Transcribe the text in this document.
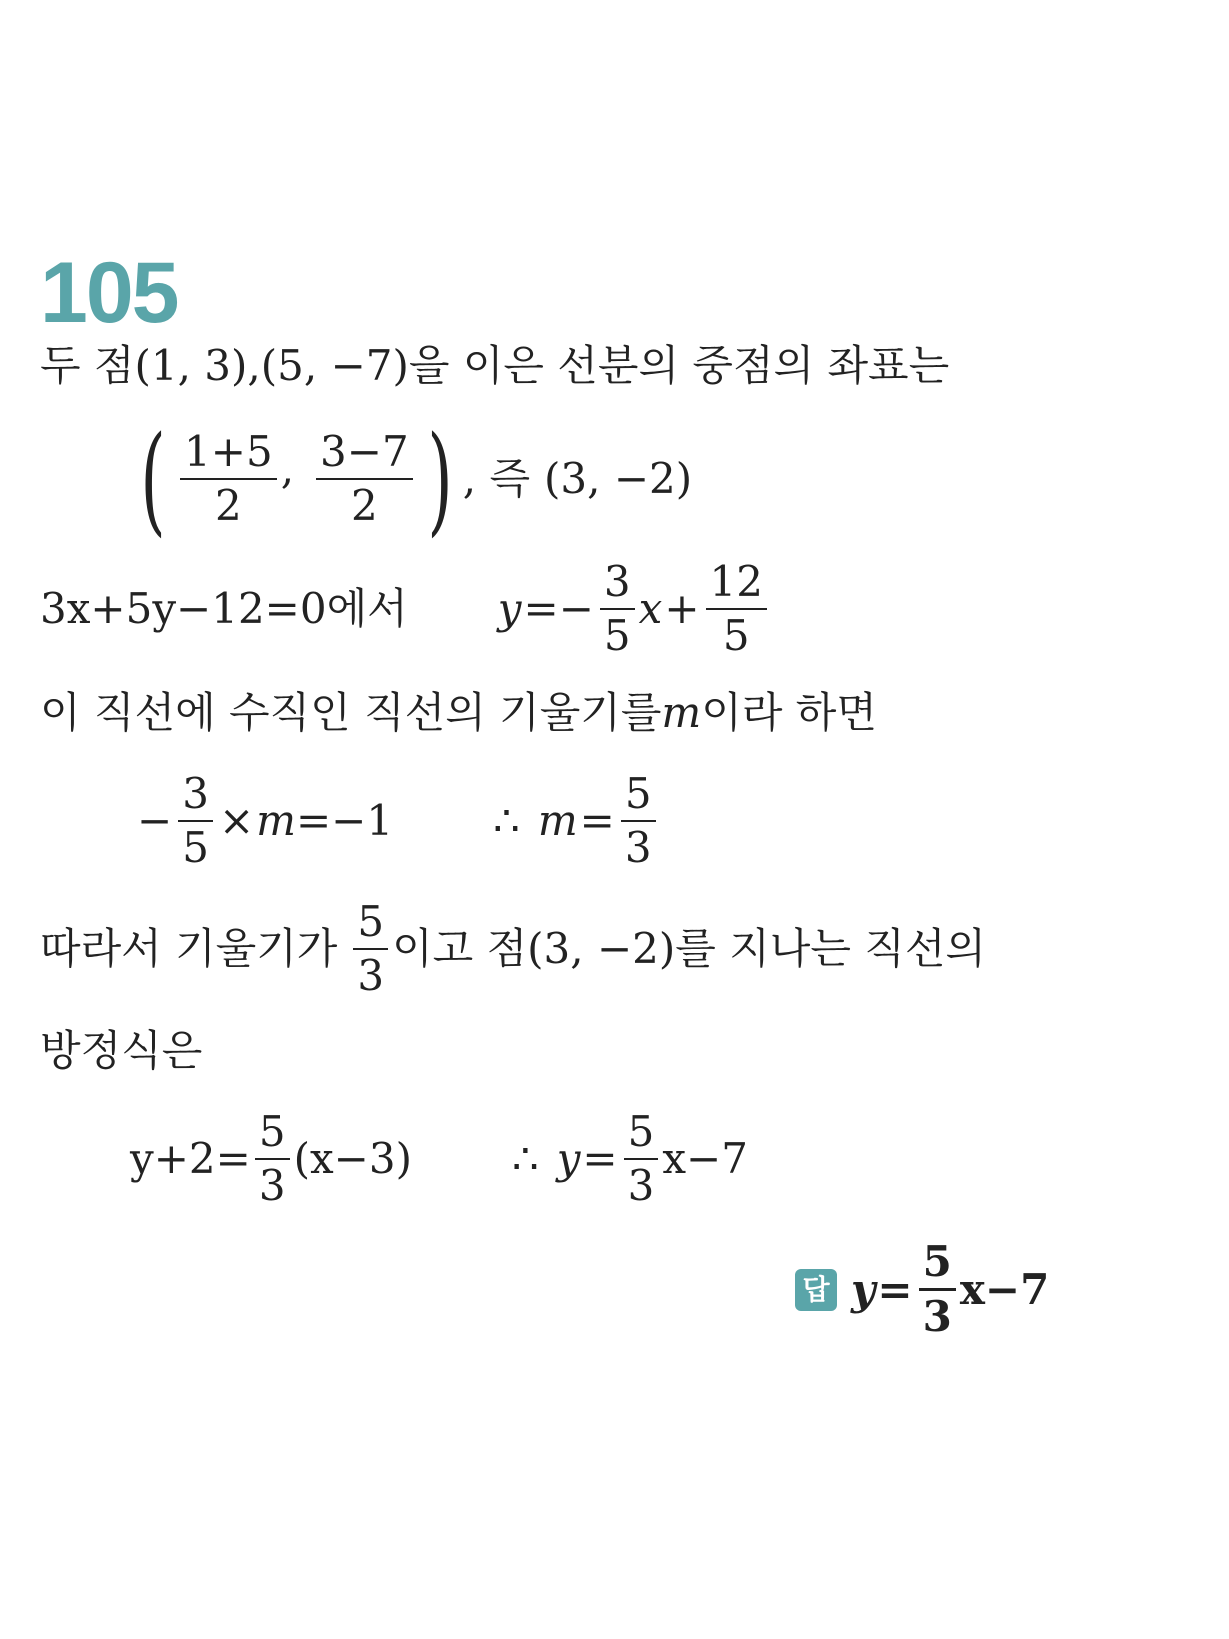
105
두 점 (1, 3) , (5, −7) 을 이은 선분의 중점의 좌표는
( $\frac{1+5}{2}$ , $\frac{3-7}{2}$ ) , 즉 (3, −2)
3x+5y−12=0 에서 $y =- \frac{3}{5}$ $x + \frac{12}{5}$
이 직선에 수직인 직선의 기울기를 m 이라 하면
− $\frac{3}{5} \times m =-1$ ∴ $m = \frac{5}{3}$
따라서 기울기가 $\frac{5}{3}$ 이고 점 (3, −2) 를 지나는 직선의
방정식은
$y+2= \frac{5}{3} (x-3)$ ∴ $y = \frac{5}{3} x-7$
답 $y = \frac{5}{3} x-7$
